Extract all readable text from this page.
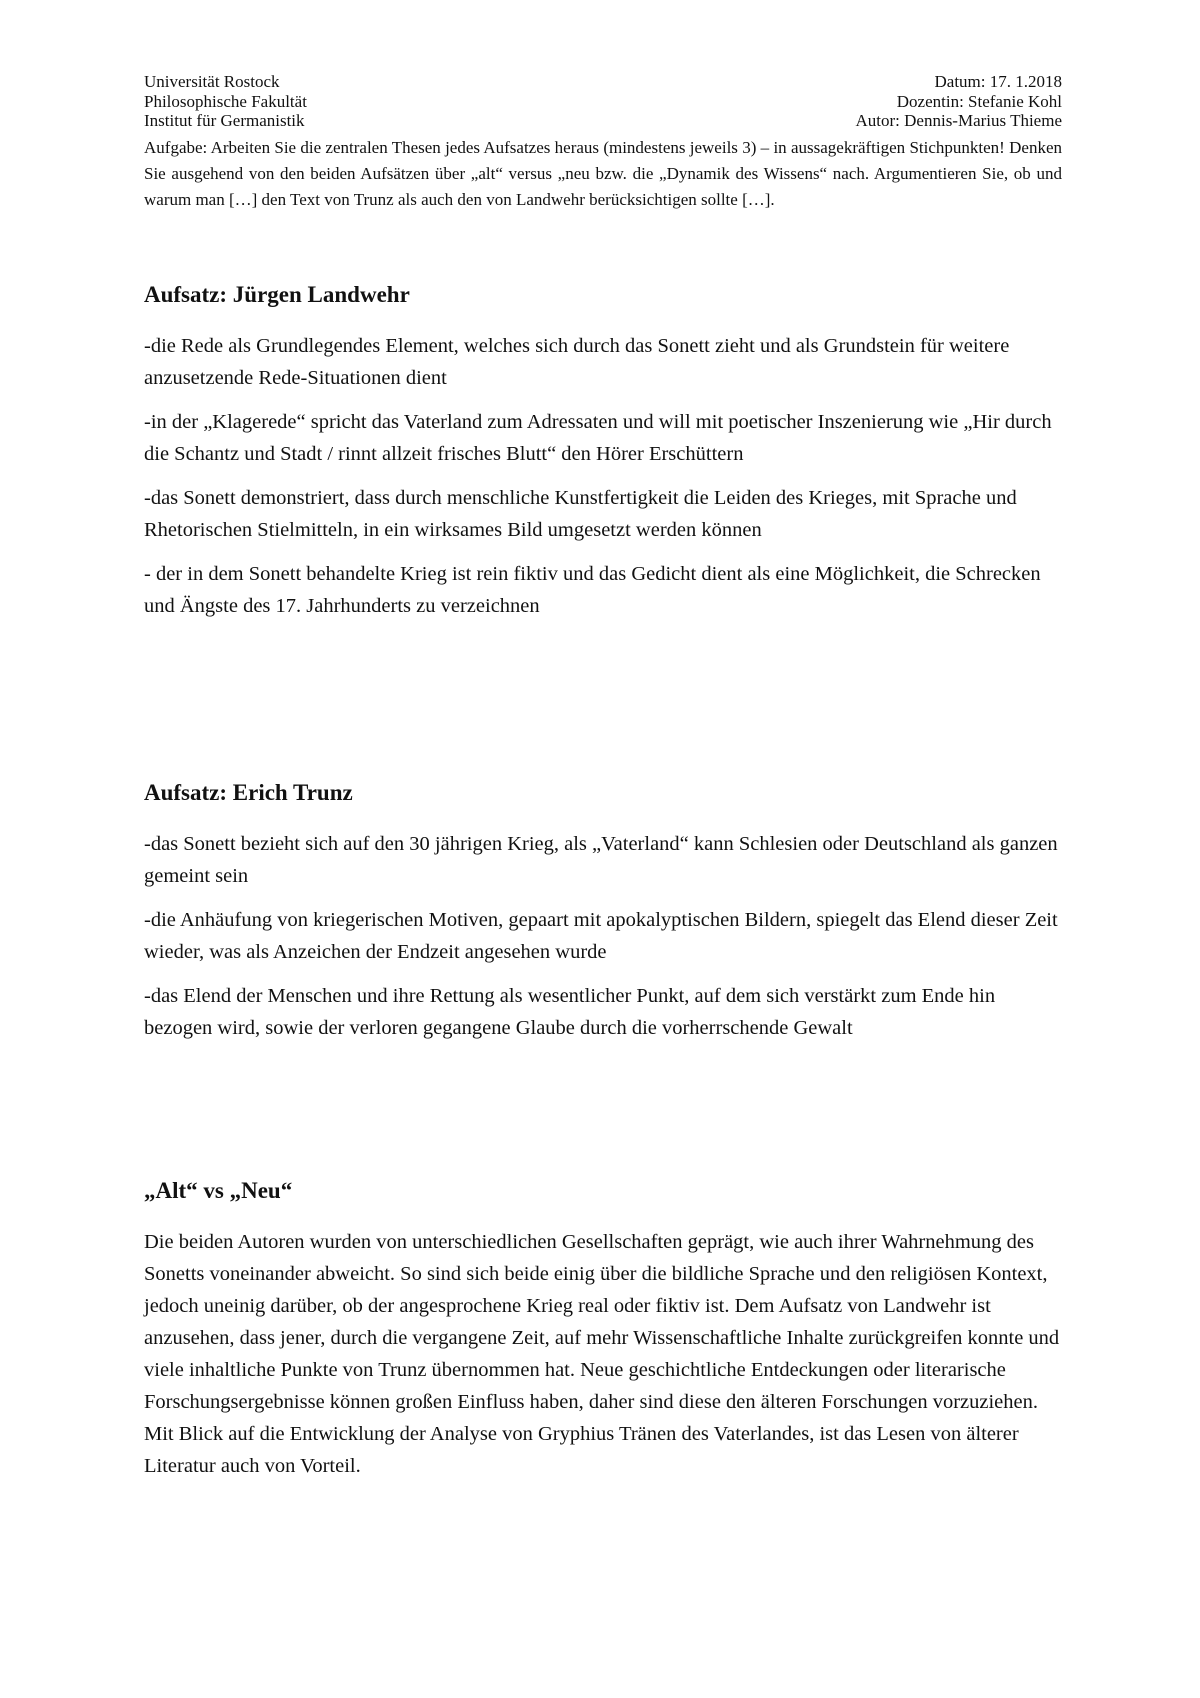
Universität Rostock	Datum: 17. 1.2018
Philosophische Fakultät	Dozentin: Stefanie Kohl
Institut für Germanistik	Autor: Dennis-Marius Thieme
Aufgabe: Arbeiten Sie die zentralen Thesen jedes Aufsatzes heraus (mindestens jeweils 3) – in aussagekräftigen Stichpunkten! Denken Sie ausgehend von den beiden Aufsätzen über „alt“ versus „neu bzw. die „Dynamik des Wissens“ nach. Argumentieren Sie, ob und warum man […] den Text von Trunz als auch den von Landwehr berücksichtigen sollte […].
Aufsatz: Jürgen Landwehr

-die Rede als Grundlegendes Element, welches sich durch das Sonett zieht und als Grundstein für weitere anzusetzende Rede-Situationen dient

-in der „Klagerede“ spricht das Vaterland zum Adressaten und will mit poetischer Inszenierung wie „Hir durch die Schantz und Stadt / rinnt allzeit frisches Blutt“ den Hörer Erschüttern

-das Sonett demonstriert, dass durch menschliche Kunstfertigkeit die Leiden des Krieges, mit Sprache und Rhetorischen Stielmitteln, in ein wirksames Bild umgesetzt werden können

- der in dem Sonett behandelte Krieg ist rein fiktiv und das Gedicht dient als eine Möglichkeit, die Schrecken und Ängste des 17. Jahrhunderts zu verzeichnen

Aufsatz: Erich Trunz

-das Sonett bezieht sich auf den 30 jährigen Krieg, als „Vaterland“ kann Schlesien oder Deutschland als ganzen gemeint sein

-die Anhäufung von kriegerischen Motiven, gepaart mit apokalyptischen Bildern, spiegelt das Elend dieser Zeit wieder, was als Anzeichen der Endzeit angesehen wurde

-das Elend der Menschen und ihre Rettung als wesentlicher Punkt, auf dem sich verstärkt zum Ende hin bezogen wird, sowie der verloren gegangene Glaube durch die vorherrschende Gewalt

„Alt“ vs „Neu“

Die beiden Autoren wurden von unterschiedlichen Gesellschaften geprägt, wie auch ihrer Wahrnehmung des Sonetts voneinander abweicht. So sind sich beide einig über die bildliche Sprache und den religiösen Kontext, jedoch uneinig darüber, ob der angesprochene Krieg real oder fiktiv ist. Dem Aufsatz von Landwehr ist anzusehen, dass jener, durch die vergangene Zeit, auf mehr Wissenschaftliche Inhalte zurückgreifen konnte und viele inhaltliche Punkte von Trunz übernommen hat. Neue geschichtliche Entdeckungen oder literarische Forschungsergebnisse können großen Einfluss haben, daher sind diese den älteren Forschungen vorzuziehen. Mit Blick auf die Entwicklung der Analyse von Gryphius Tränen des Vaterlandes, ist das Lesen von älterer Literatur auch von Vorteil.
